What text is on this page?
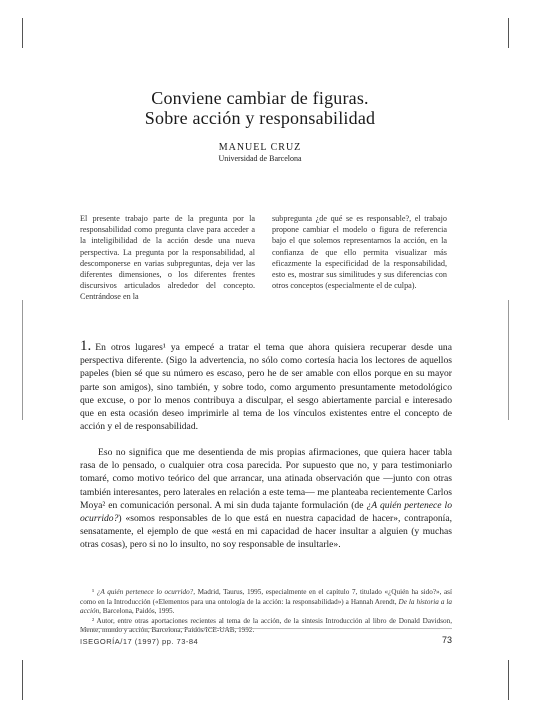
Conviene cambiar de figuras.
Sobre acción y responsabilidad
MANUEL CRUZ
Universidad de Barcelona
El presente trabajo parte de la pregunta por la responsabilidad como pregunta clave para acceder a la inteligibilidad de la acción desde una nueva perspectiva. La pregunta por la responsabilidad, al descomponerse en varias subpreguntas, deja ver las diferentes dimensiones, o los diferentes frentes discursivos articulados alrededor del concepto. Centrándose en la
subpregunta ¿de qué se es responsable?, el trabajo propone cambiar el modelo o figura de referencia bajo el que solemos representarnos la acción, en la confianza de que ello permita visualizar más eficazmente la especificidad de la responsabilidad, esto es, mostrar sus similitudes y sus diferencias con otros conceptos (especialmente el de culpa).

1. En otros lugares¹ ya empecé a tratar el tema que ahora quisiera recuperar desde una perspectiva diferente. (Sigo la advertencia, no sólo como cortesía hacia los lectores de aquellos papeles (bien sé que su número es escaso, pero he de ser amable con ellos porque en su mayor parte son amigos), sino también, y sobre todo, como argumento presuntamente metodológico que excuse, o por lo menos contribuya a disculpar, el sesgo abiertamente parcial e interesado que en esta ocasión deseo imprimirle al tema de los vínculos existentes entre el concepto de acción y el de responsabilidad.

Eso no significa que me desentienda de mis propias afirmaciones, que quiera hacer tabla rasa de lo pensado, o cualquier otra cosa parecida. Por supuesto que no, y para testimoniarlo tomaré, como motivo teórico del que arrancar, una atinada observación que —junto con otras también interesantes, pero laterales en relación a este tema— me planteaba recientemente Carlos Moya² en comunicación personal. A mi sin duda tajante formulación (de ¿A quién pertenece lo ocurrido?) «somos responsables de lo que está en nuestra capacidad de hacer», contraponía, sensatamente, el ejemplo de que «está en mi capacidad de hacer insultar a alguien (y muchas otras cosas), pero si no lo insulto, no soy responsable de insultarle».

¹ ¿A quién pertenece lo ocurrido?, Madrid, Taurus, 1995, especialmente en el capítulo 7, titulado «¿Quién ha sido?», así como en la Introducción («Elementos para una ontología de la acción: la responsabilidad») a Hannah Arendt, De la historia a la acción, Barcelona, Paidós, 1995.

² Autor, entre otras aportaciones recientes al tema de la acción, de la síntesis Introducción al libro de Donald Davidson, Mente, mundo y acción, Barcelona, Paidós/ICE-UAB, 1992.

ISEGORÍA/17 (1997) pp. 73-84	73
